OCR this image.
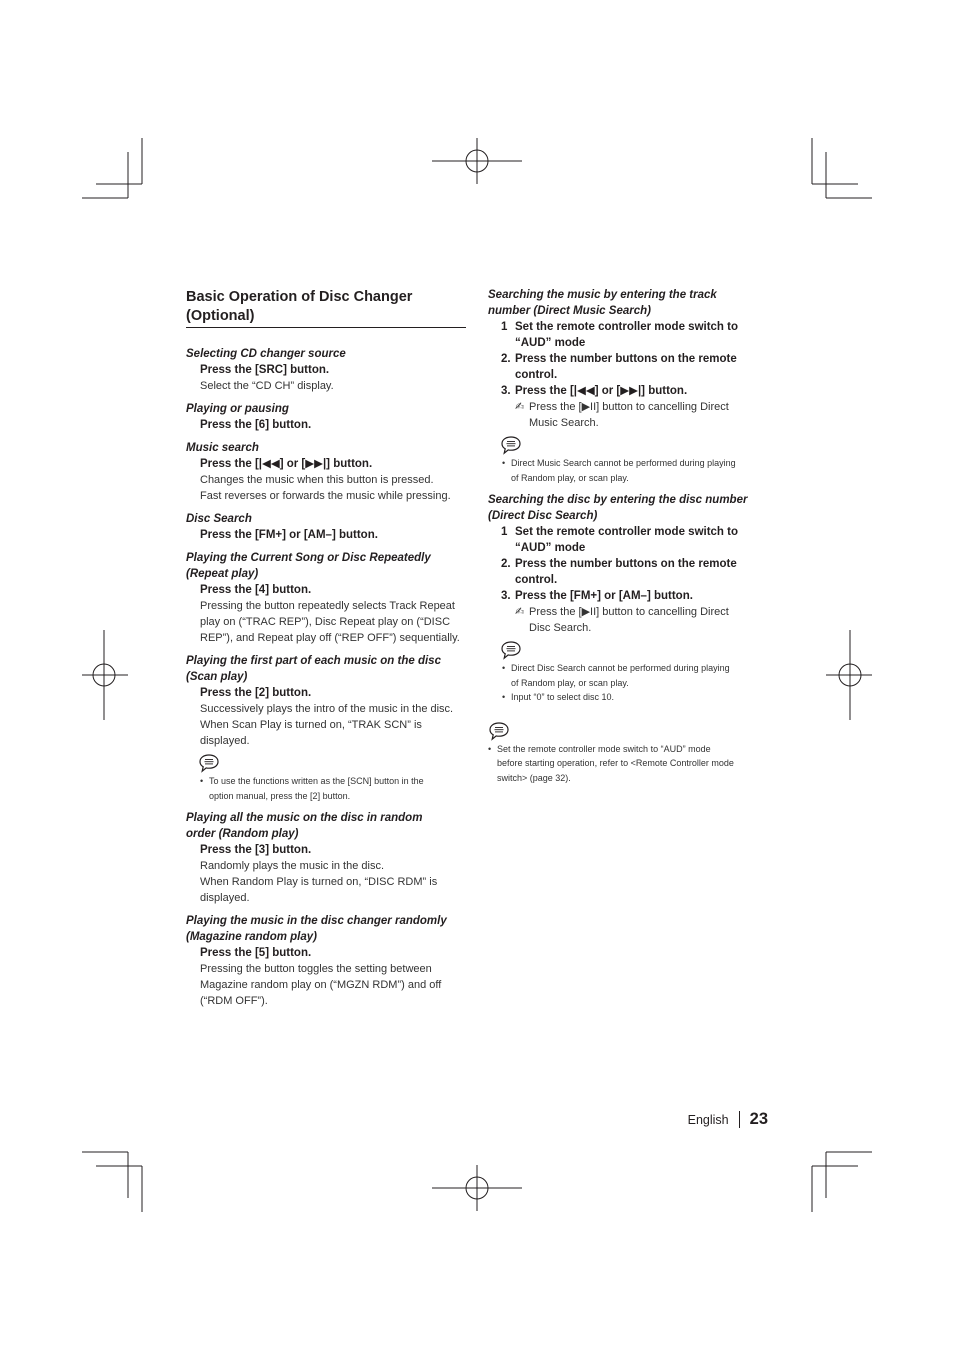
Basic Operation of Disc Changer (Optional)
Selecting CD changer source
Press the [SRC] button.
Select the “CD CH” display.
Playing or pausing
Press the [6] button.
Music search
Press the [|◀◀] or [▶▶|] button.
Changes the music when this button is pressed.
Fast reverses or forwards the music while pressing.
Disc Search
Press the [FM+] or [AM–] button.
Playing the Current Song or Disc Repeatedly
(Repeat play)
Press the [4] button.
Pressing the button repeatedly selects Track Repeat
play on (“TRAC REP”), Disc Repeat play on (“DISC
REP”), and Repeat play off (“REP OFF”) sequentially.
Playing the first part of each music on the disc
(Scan play)
Press the [2] button.
Successively plays the intro of the music in the disc.
When Scan Play is turned on, “TRAK SCN” is
displayed.
• To use the functions written as the [SCN] button in the
option manual, press the [2] button.
Playing all the music on the disc in random
order (Random play)
Press the [3] button.
Randomly plays the music in the disc.
When Random Play is turned on, “DISC RDM” is
displayed.
Playing the music in the disc changer randomly
(Magazine random play)
Press the [5] button.
Pressing the button toggles the setting between
Magazine random play on (“MGZN RDM”) and off
(“RDM OFF”).
Searching the music by entering the track
number (Direct Music Search)
1 Set the remote controller mode switch to
“AUD” mode
2. Press the number buttons on the remote
control.
3. Press the [|◀◀] or [▶▶|] button.
✍ Press the [▶II] button to cancelling Direct
Music Search.
• Direct Music Search cannot be performed during playing
of Random play, or scan play.
Searching the disc by entering the disc number
(Direct Disc Search)
1 Set the remote controller mode switch to
“AUD” mode
2. Press the number buttons on the remote
control.
3. Press the [FM+] or [AM–] button.
✍ Press the [▶II] button to cancelling Direct
Disc Search.
• Direct Disc Search cannot be performed during playing
of Random play, or scan play.
• Input “0” to select disc 10.
• Set the remote controller mode switch to “AUD” mode
before starting operation, refer to <Remote Controller mode
switch> (page 32).
English 23
